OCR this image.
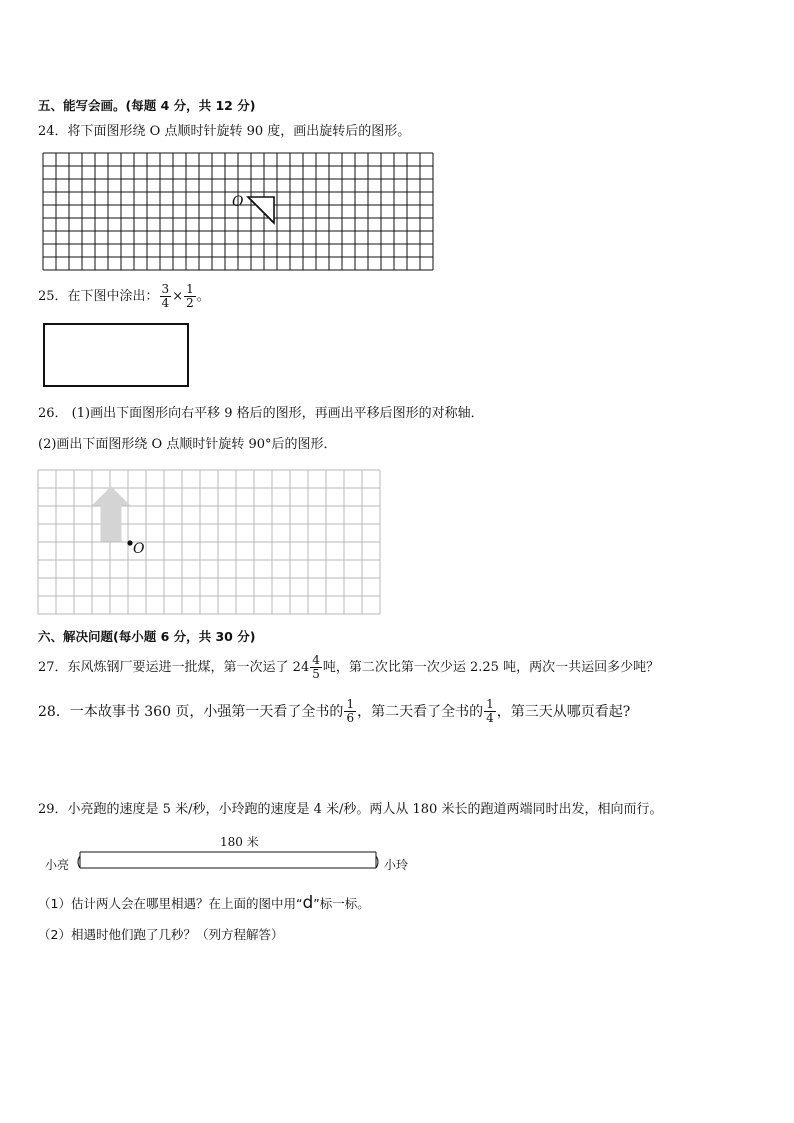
五、能写会画。(每题 4 分，共 12 分)
24．将下面图形绕 O 点顺时针旋转 90 度，画出旋转后的图形。
O
25．在下图中涂出： $\frac{3}{4} \times \frac{1}{2}$ 。
26． (1)画出下面图形向右平移 9 格后的图形，再画出平移后图形的对称轴．
(2)画出下面图形绕 O 点顺时针旋转 90°后的图形．
O
六、解决问题(每小题 6 分，共 30 分)
27．东风炼钢厂要运进一批煤，第一次运了 $24 \frac{4}{5}$ 吨，第二次比第一次少运 2.25 吨，两次一共运回多少吨？
28．一本故事书 360 页，小强第一天看了全书的 $\frac{1}{6}$ ，第二天看了全书的 $\frac{1}{4}$ ，第三天从哪页看起?
29．小亮跑的速度是 5 米/秒，小玲跑的速度是 4 米/秒。两人从 180 米长的跑道两端同时出发，相向而行。
180 米
小亮	小玲
（1）估计两人会在哪里相遇？在上面的图中用“d”标一标。
（2）相遇时他们跑了几秒？（列方程解答）
